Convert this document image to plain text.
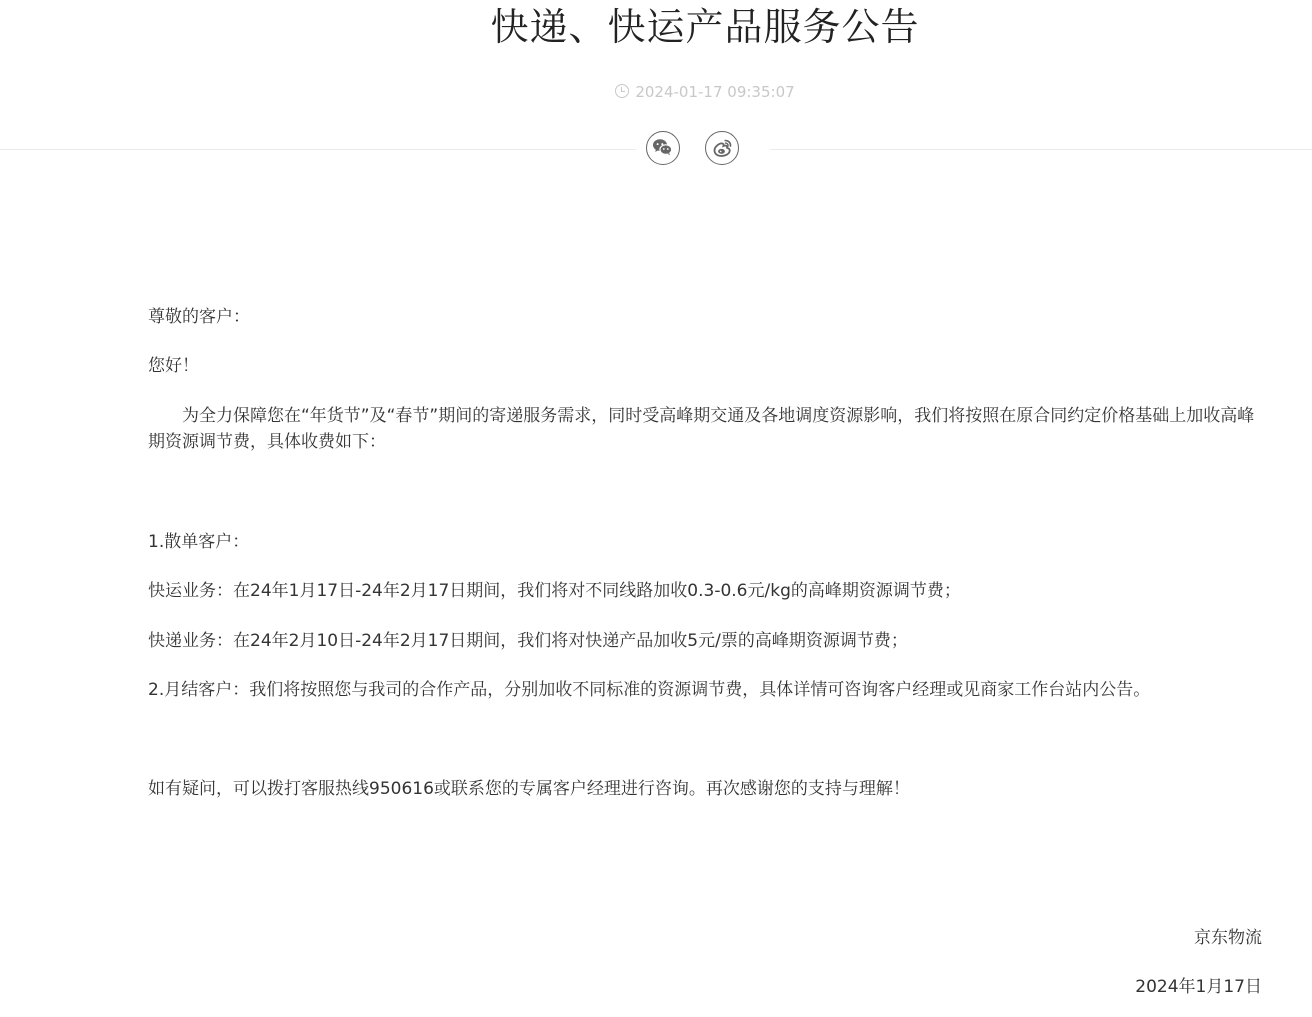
快递、快运产品服务公告
2024-01-17 09:35:07
尊敬的客户：
您好！
为全力保障您在“年货节”及“春节”期间的寄递服务需求，同时受高峰期交通及各地调度资源影响，我们将按照在原合同约定价格基础上加收高峰期资源调节费，具体收费如下：
1.散单客户：
快运业务：在24年1月17日-24年2月17日期间，我们将对不同线路加收0.3-0.6元/kg的高峰期资源调节费；
快递业务：在24年2月10日-24年2月17日期间，我们将对快递产品加收5元/票的高峰期资源调节费；
2.月结客户：我们将按照您与我司的合作产品，分别加收不同标准的资源调节费，具体详情可咨询客户经理或见商家工作台站内公告。
如有疑问，可以拨打客服热线950616或联系您的专属客户经理进行咨询。再次感谢您的支持与理解！
京东物流
2024年1月17日
